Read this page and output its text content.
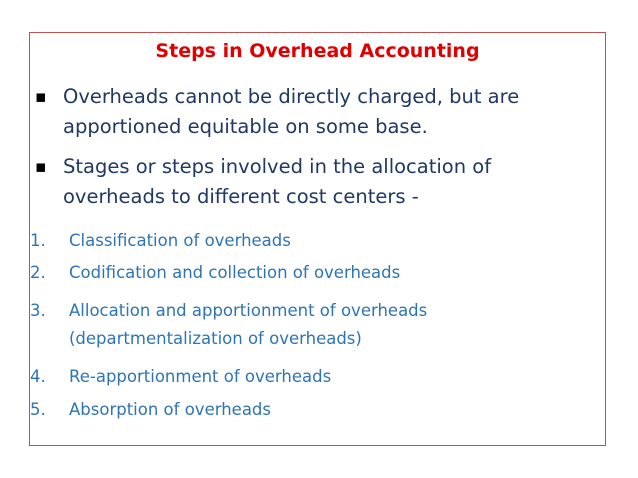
Steps in Overhead Accounting
▪ Overheads cannot be directly charged, but are
apportioned equitable on some base.
▪ Stages or steps involved in the allocation of
overheads to different cost centers -
1. Classification of overheads
2. Codification and collection of overheads
3. Allocation and apportionment of overheads
(departmentalization of overheads)
4. Re-apportionment of overheads
5. Absorption of overheads
